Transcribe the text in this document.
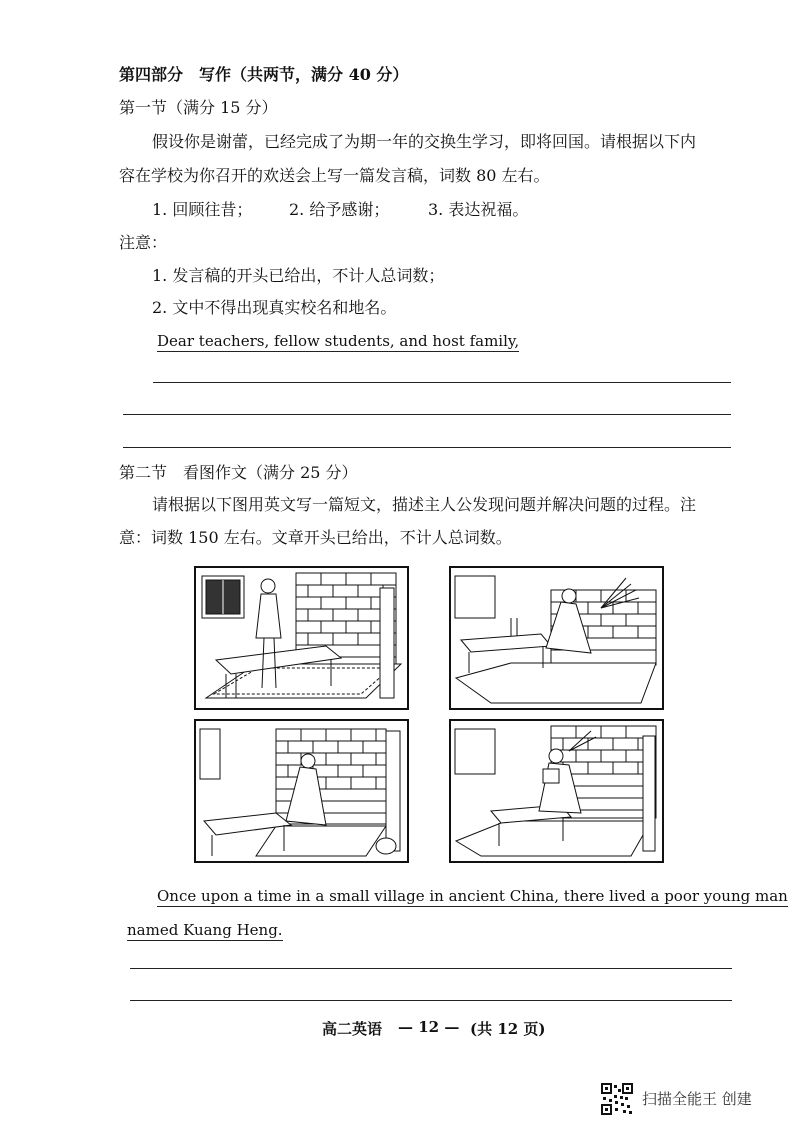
第四部分　写作（共两节，满分 40 分）
第一节（满分 15 分）
假设你是谢蕾，已经完成了为期一年的交换生学习，即将回国。请根据以下内
容在学校为你召开的欢送会上写一篇发言稿，词数 80 左右。
1. 回顾往昔； 2. 给予感谢； 3. 表达祝福。
注意：
1. 发言稿的开头已给出，不计人总词数；
2. 文中不得出现真实校名和地名。
Dear teachers, fellow students, and host family,
第二节　看图作文（满分 25 分）
请根据以下图用英文写一篇短文，描述主人公发现问题并解决问题的过程。注
意：词数 150 左右。文章开头已给出，不计人总词数。
Once upon a time in a small village in ancient China, there lived a poor young man
named Kuang Heng.
高二英语 — 12 — (共 12 页)
扫描全能王 创建
